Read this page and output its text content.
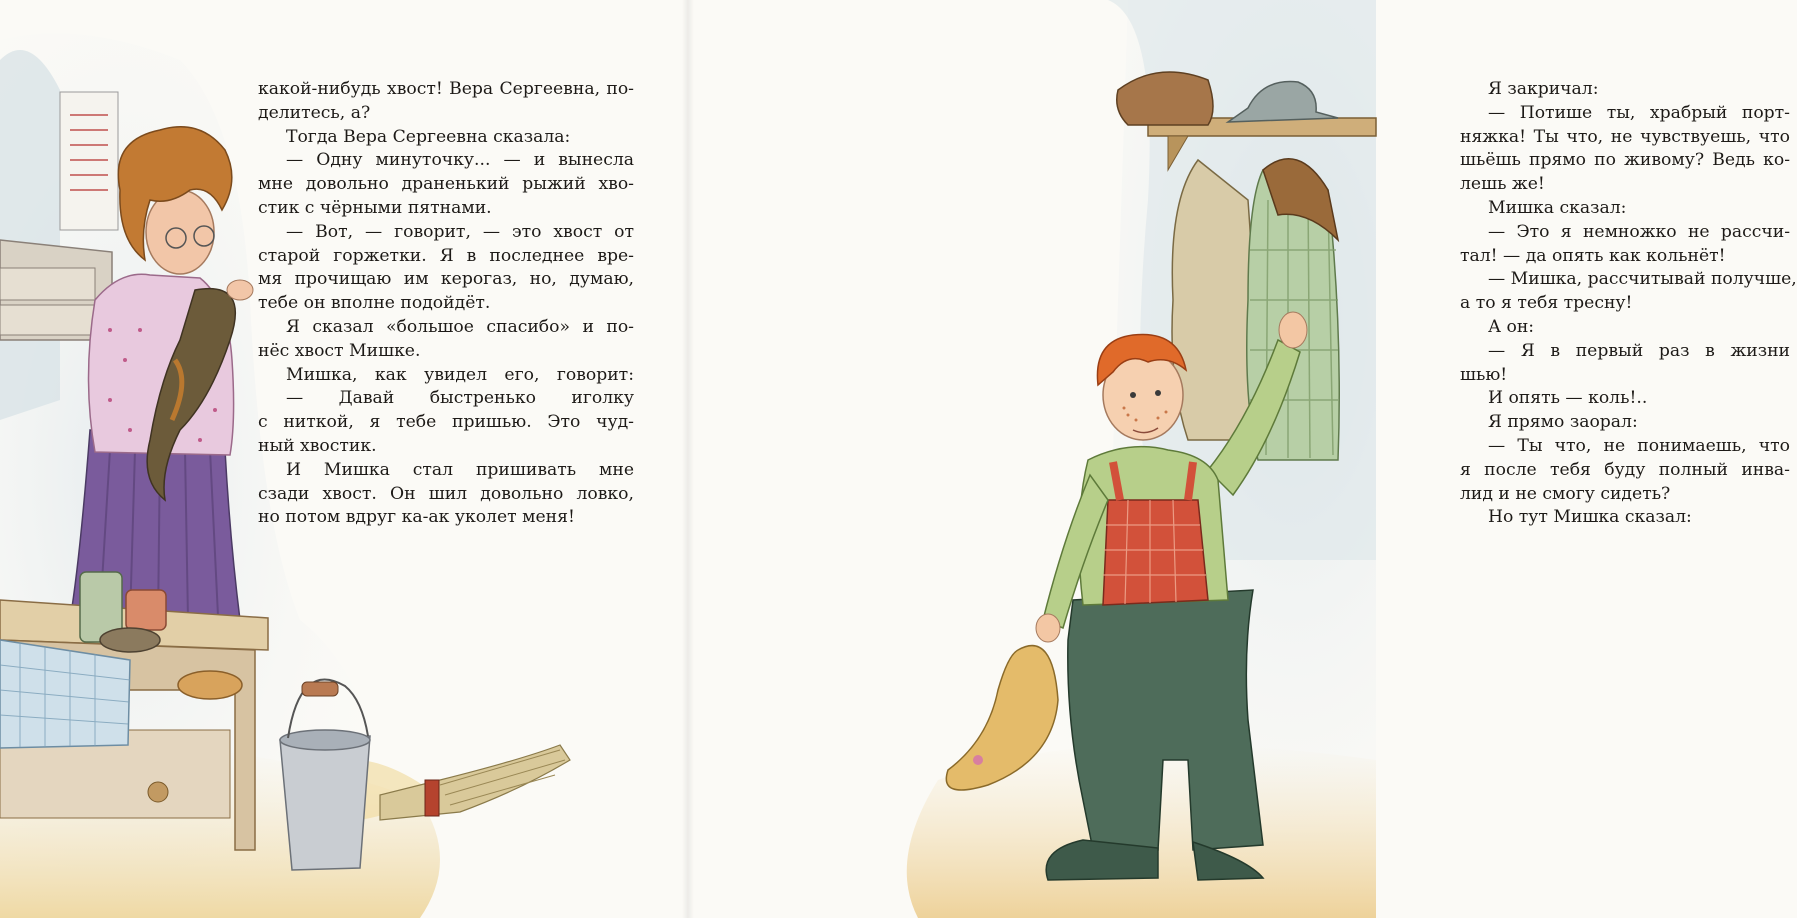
какой-нибудь хвост! Вера Сергеевна, по-
делитесь, а?
Тогда Вера Сергеевна сказала:
— Одну минуточку... — и вынесла
мне довольно драненький рыжий хво-
стик с чёрными пятнами.
— Вот, — говорит, — это хвост от
старой горжетки. Я в последнее вре-
мя прочищаю им керогаз, но, думаю,
тебе он вполне подойдёт.
Я сказал «большое спасибо» и по-
нёс хвост Мишке.
Мишка, как увидел его, говорит:
— Давай быстренько иголку
с ниткой, я тебе пришью. Это чуд-
ный хвостик.
И Мишка стал пришивать мне
сзади хвост. Он шил довольно ловко,
но потом вдруг ка-ак уколет меня!
Я закричал:
— Потише ты, храбрый порт-
няжка! Ты что, не чувствуешь, что
шьёшь прямо по живому? Ведь ко-
лешь же!
Мишка сказал:
— Это я немножко не рассчи-
тал! — да опять как кольнёт!
— Мишка, рассчитывай получше,
а то я тебя тресну!
А он:
— Я в первый раз в жизни
шью!
И опять — коль!..
Я прямо заорал:
— Ты что, не понимаешь, что
я после тебя буду полный инва-
лид и не смогу сидеть?
Но тут Мишка сказал:
